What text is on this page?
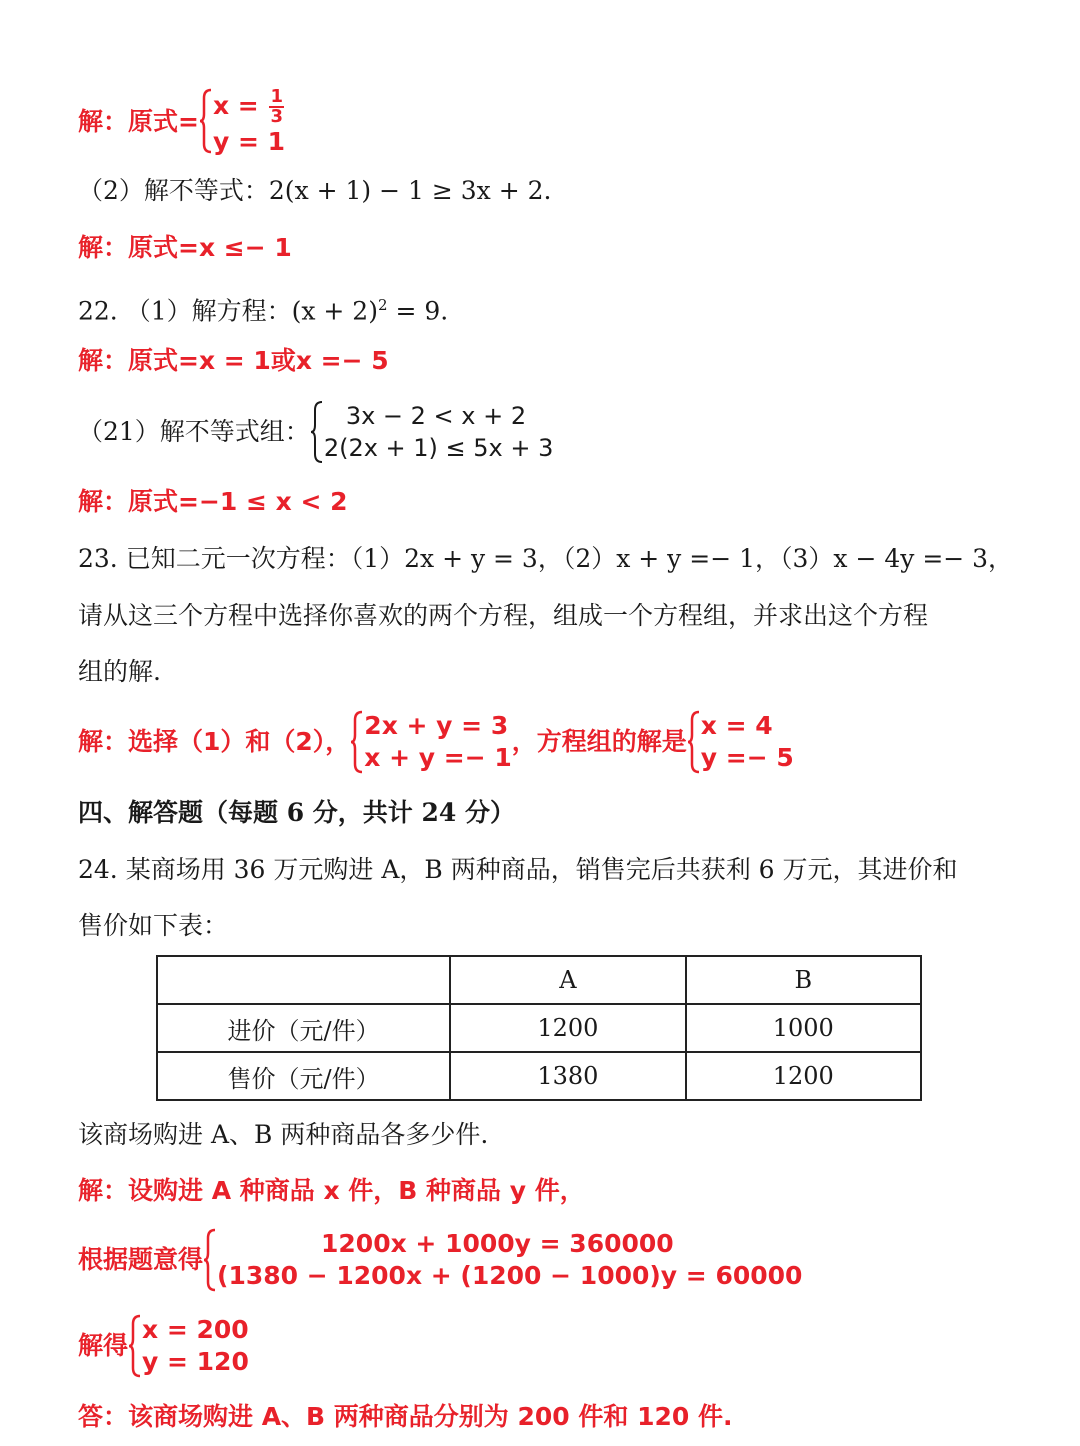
解：原式=
$x = \frac{1}{3}$
y = 1
（2）解不等式：2(x + 1) − 1 ≥ 3x + 2.
解：原式=x ≤− 1
22. （1）解方程：$(x + 2)^2 = 9$.
解：原式=x = 1或x =− 5
（21）解不等式组：
3x − 2 < x + 2
2(2x + 1) ≤ 5x + 3
解：原式=−1 ≤ x < 2
23. 已知二元一次方程：（1）2x + y = 3，（2）x + y =− 1，（3）x − 4y =− 3，
请从这三个方程中选择你喜欢的两个方程，组成一个方程组，并求出这个方程
组的解.
解：选择（1）和（2），
2x + y = 3
x + y =− 1
，方程组的解是
x = 4
y =− 5
四、解答题（每题 6 分，共计 24 分）
24. 某商场用 36 万元购进 A，B 两种商品，销售完后共获利 6 万元，其进价和
售价如下表：
	A	B
进价（元/件）	1200	1000
售价（元/件）	1380	1200
该商场购进 A、B 两种商品各多少件.
解：设购进 A 种商品 x 件，B 种商品 y 件，
根据题意得
1200x + 1000y = 360000
(1380 − 1200x + (1200 − 1000)y = 60000
解得
x = 200
y = 120
答：该商场购进 A、B 两种商品分别为 200 件和 120 件.
